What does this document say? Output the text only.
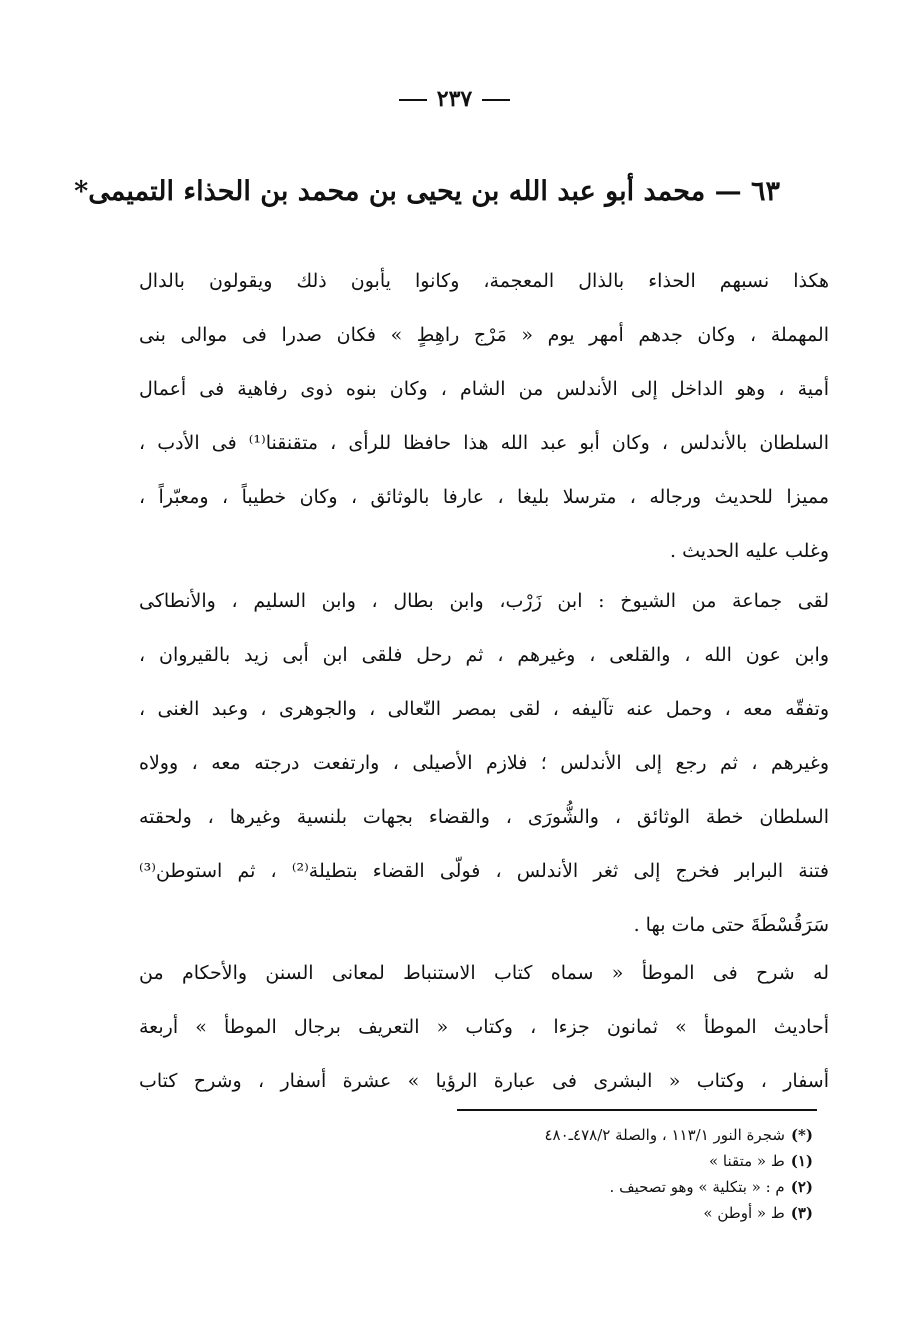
٢٣٧
٦٣ — محمد أبو عبد الله بن يحيى بن محمد بن الحذاء التميمى*
هكذا نسبهم الحذاء بالذال المعجمة، وكانوا يأبون ذلك ويقولون بالدال
المهملة ، وكان جدهم أمهر يوم « مَرْج راهِطٍ » فكان صدرا فى موالى بنى
أمية ، وهو الداخل إلى الأندلس من الشام ، وكان بنوه ذوى رفاهية فى أعمال
السلطان بالأندلس ، وكان أبو عبد الله هذا حافظا للرأى ، متقنقنا⁽¹⁾ فى الأدب ،
مميزا للحديث ورجاله ، مترسلا بليغا ، عارفا بالوثائق ، وكان خطيباً ، ومعبّراً ،
وغلب عليه الحديث .
لقى جماعة من الشيوخ : ابن زَرْب، وابن بطال ، وابن السليم ، والأنطاكى
وابن عون الله ، والقلعى ، وغيرهم ، ثم رحل فلقى ابن أبى زيد بالقيروان ،
وتفقّه معه ، وحمل عنه تآليفه ، لقى بمصر النّعالى ، والجوهرى ، وعبد الغنى ،
وغيرهم ، ثم رجع إلى الأندلس ؛ فلازم الأصيلى ، وارتفعت درجته معه ، وولاه
السلطان خطة الوثائق ، والشُّورَى ، والقضاء بجهات بلنسية وغيرها ، ولحقته
فتنة البرابر فخرج إلى ثغر الأندلس ، فولّى القضاء بتطيلة⁽²⁾ ، ثم استوطن⁽³⁾
سَرَقُسْطَةَ حتى مات بها .
له شرح فى الموطأ « سماه كتاب الاستنباط لمعانى السنن والأحكام من
أحاديث الموطأ » ثمانون جزءا ، وكتاب « التعريف برجال الموطأ » أربعة
أسفار ، وكتاب « البشرى فى عبارة الرؤيا » عشرة أسفار ، وشرح كتاب
(*)شجرة النور ١١٣/١ ، والصلة ٤٧٨/٢ـ٤٨٠
(١)ط « متقنا »
(٢)م : « بتكلية » وهو تصحيف .
(٣)ط « أوطن »
